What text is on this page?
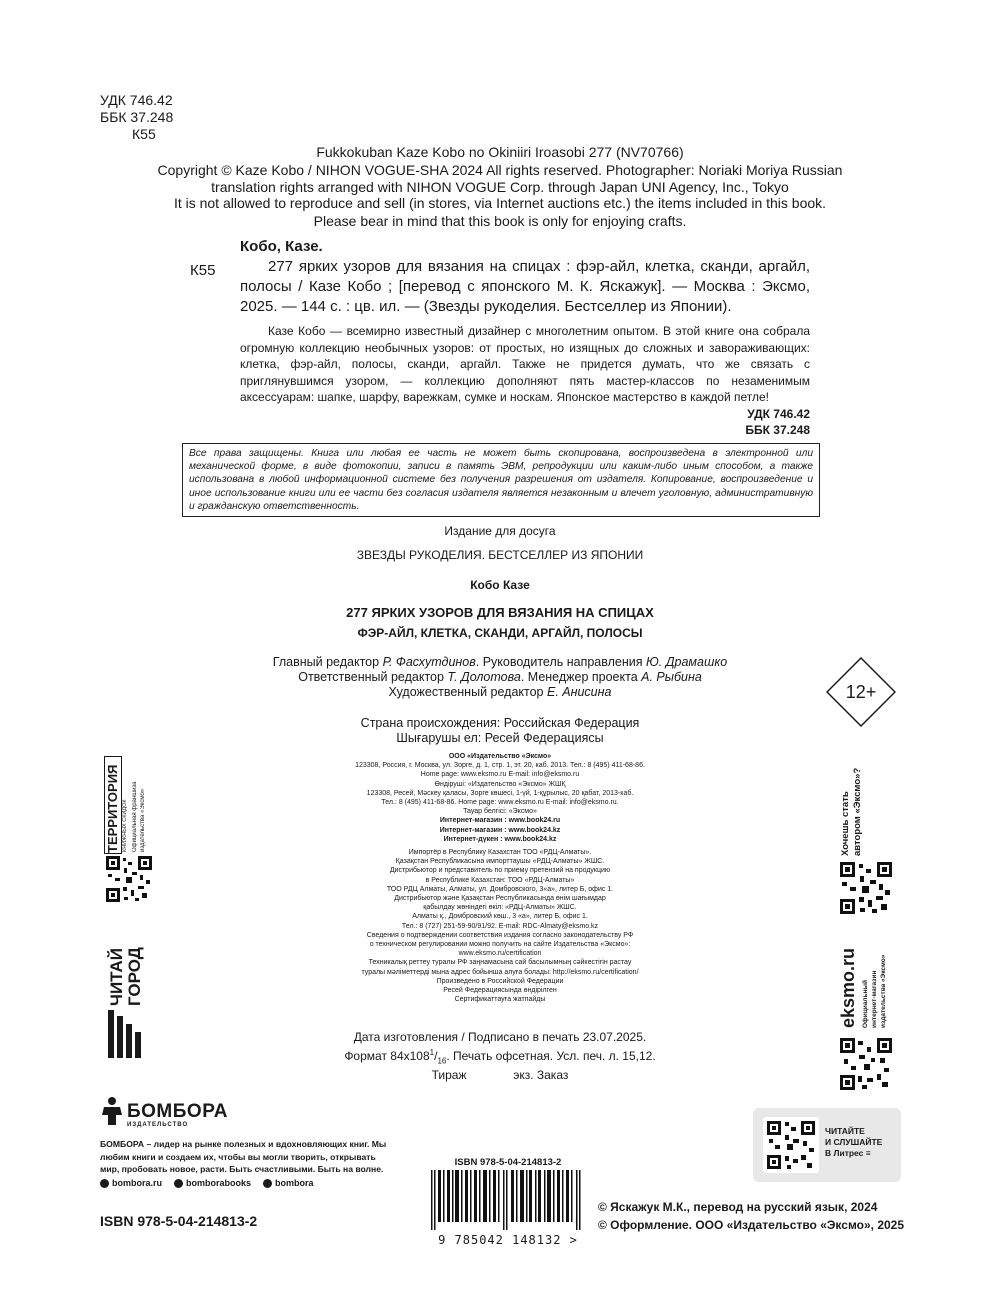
УДК 746.42
ББК 37.248
К55
Fukkokuban Kaze Kobo no Okiniiri Iroasobi 277 (NV70766)
Copyright © Kaze Kobo / NIHON VOGUE-SHA 2024 All rights reserved. Photographer: Noriaki Moriya Russian
translation rights arranged with NIHON VOGUE Corp. through Japan UNI Agency, Inc., Tokyo
It is not allowed to reproduce and sell (in stores, via Internet auctions etc.) the items included in this book.
Please bear in mind that this book is only for enjoying crafts.
К55
Кобо, Казе.
277 ярких узоров для вязания на спицах : фэр-айл, клетка, сканди, аргайл, полосы / Казе Кобо ; [перевод с японского М. К. Яскажук]. — Москва : Эксмо, 2025. — 144 с. : цв. ил. — (Звезды рукоделия. Бестселлер из Японии).
Казе Кобо — всемирно известный дизайнер с многолетним опытом. В этой книге она собрала огромную коллекцию необычных узоров: от простых, но изящных до сложных и завораживающих: клетка, фэр-айл, полосы, сканди, аргайл. Также не придется думать, что же связать с приглянувшимся узором, — коллекцию дополняют пять мастер-классов по незаменимым аксессуарам: шапке, шарфу, варежкам, сумке и носкам. Японское мастерство в каждой петле!
УДК 746.42
ББК 37.248
Все права защищены. Книга или любая ее часть не может быть скопирована, воспроизведена в электронной или механической форме, в виде фотокопии, записи в память ЭВМ, репродукции или каким-либо иным способом, а также использована в любой информационной системе без получения разрешения от издателя. Копирование, воспроизведение и иное использование книги или ее части без согласия издателя является незаконным и влечет уголовную, административную и гражданскую ответственность.
Издание для досуга
ЗВЕЗДЫ РУКОДЕЛИЯ. БЕСТСЕЛЛЕР ИЗ ЯПОНИИ
Кобо Казе
277 ЯРКИХ УЗОРОВ ДЛЯ ВЯЗАНИЯ НА СПИЦАХ
ФЭР-АЙЛ, КЛЕТКА, СКАНДИ, АРГАЙЛ, ПОЛОСЫ
Главный редактор Р. Фасхутдинов. Руководитель направления Ю. Драмашко
Ответственный редактор Т. Долотова. Менеджер проекта А. Рыбина
Художественный редактор Е. Анисина
Страна происхождения: Российская Федерация
Шығарушы ел: Ресей Федерациясы
12+
ООО «Издательство «Эксмо»
123308, Россия, г. Москва, ул. Зорге, д. 1, стр. 1, эт. 20, каб. 2013. Тел.: 8 (495) 411-68-86.
Home page: www.eksmo.ru E-mail: info@eksmo.ru
Өндіруші: «Издательство «Эксмо» ЖШҚ
123308, Ресей, Мәскеу қаласы, Зорге көшесі, 1-үй, 1-құрылыс, 20 қабат, 2013-каб.
Тел.: 8 (495) 411-68-86. Home page: www.eksmo.ru E-mail: info@eksmo.ru.
Тауар белгісі: «Эксмо»
Интернет-магазин : www.book24.ru
Интернет-магазин : www.book24.kz
Интернет-дүкен : www.book24.kz
Импортёр в Республику Казахстан ТОО «РДЦ-Алматы».
Қазақстан Республикасына импорттаушы «РДЦ-Алматы» ЖШС.
Дистрибьютор и представитель по приему претензий на продукцию
в Республике Казахстан: ТОО «РДЦ-Алматы»
ТОО РДЦ Алматы, Алматы, ул. Домбровского, 3«а», литер Б, офис 1.
Дистрибьютор және Қазақстан Республикасында өнім шағымдар
қабылдау жөніндегі өкіл: «РДЦ-Алматы» ЖШС.
Алматы қ., Домбровский көш., 3 «а», литер Б, офис 1.
Тел.: 8 (727) 251-59-90/91/92. E-mail: RDC-Almaty@eksmo.kz
Сведения о подтверждении соответствия издания согласно законодательству РФ
о техническом регулировании можно получить на сайте Издательства «Эксмо»:
www.eksmo.ru/certification
Техникалық реттеу туралы РФ заңнамасына сай басылымның сәйкестігін растау
туралы мәліметтерді мына адрес бойынша алуға болады: http://eksmo.ru/certification/
Произведено в Российской Федерации
Ресей Федерациясында өндірілген
Сертификаттауға жатпайды
Дата изготовления / Подписано в печать 23.07.2025.
Формат $84x108^1/_{16}$. Печать офсетная. Усл. печ. л. 15,12.
Тираж	экз. Заказ
ТЕРРИТОРИЯ КНИЖНЫХ СКИДОК Официальная франшиза издательства «Эксмо»
ЧИТАЙ ГОРОД
Хочешь стать автором «Эксмо»?
eksmo.ru Официальный интернет-магазин издательства «Эксмо»
БОМБОРА
ИЗДАТЕЛЬСТВО
БОМБОРА – лидер на рынке полезных и вдохновляющих книг. Мы любим книги и создаем их, чтобы вы могли творить, открывать мир, пробовать новое, расти. Быть счастливыми. Быть на волне.
bombora.ru	bomborabooks	bombora
ISBN 978-5-04-214813-2
ISBN 978-5-04-214813-2
9 785042 148132 >
© Яскажук М.К., перевод на русский язык, 2024
© Оформление. ООО «Издательство «Эксмо», 2025
ЧИТАЙТЕ
И СЛУШАЙТЕ
В Литрес ≡
